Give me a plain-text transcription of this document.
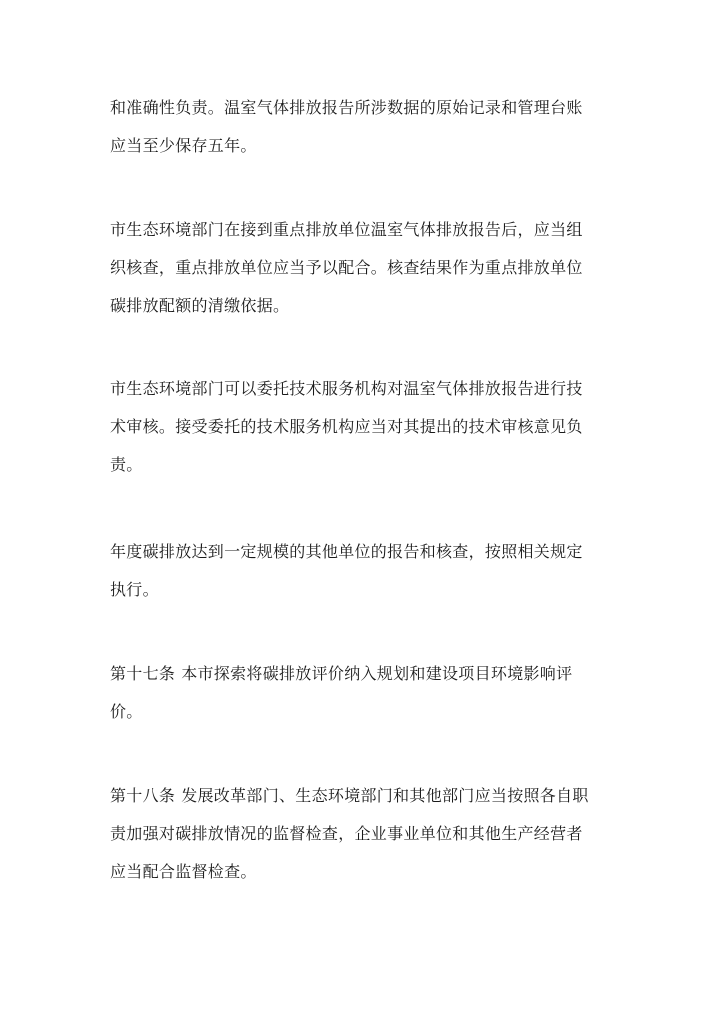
和准确性负责。温室气体排放报告所涉数据的原始记录和管理台账
应当至少保存五年。

市生态环境部门在接到重点排放单位温室气体排放报告后，应当组
织核查，重点排放单位应当予以配合。核查结果作为重点排放单位
碳排放配额的清缴依据。

市生态环境部门可以委托技术服务机构对温室气体排放报告进行技
术审核。接受委托的技术服务机构应当对其提出的技术审核意见负
责。

年度碳排放达到一定规模的其他单位的报告和核查，按照相关规定
执行。

第十七条 本市探索将碳排放评价纳入规划和建设项目环境影响评
价。

第十八条 发展改革部门、生态环境部门和其他部门应当按照各自职
责加强对碳排放情况的监督检查，企业事业单位和其他生产经营者
应当配合监督检查。
